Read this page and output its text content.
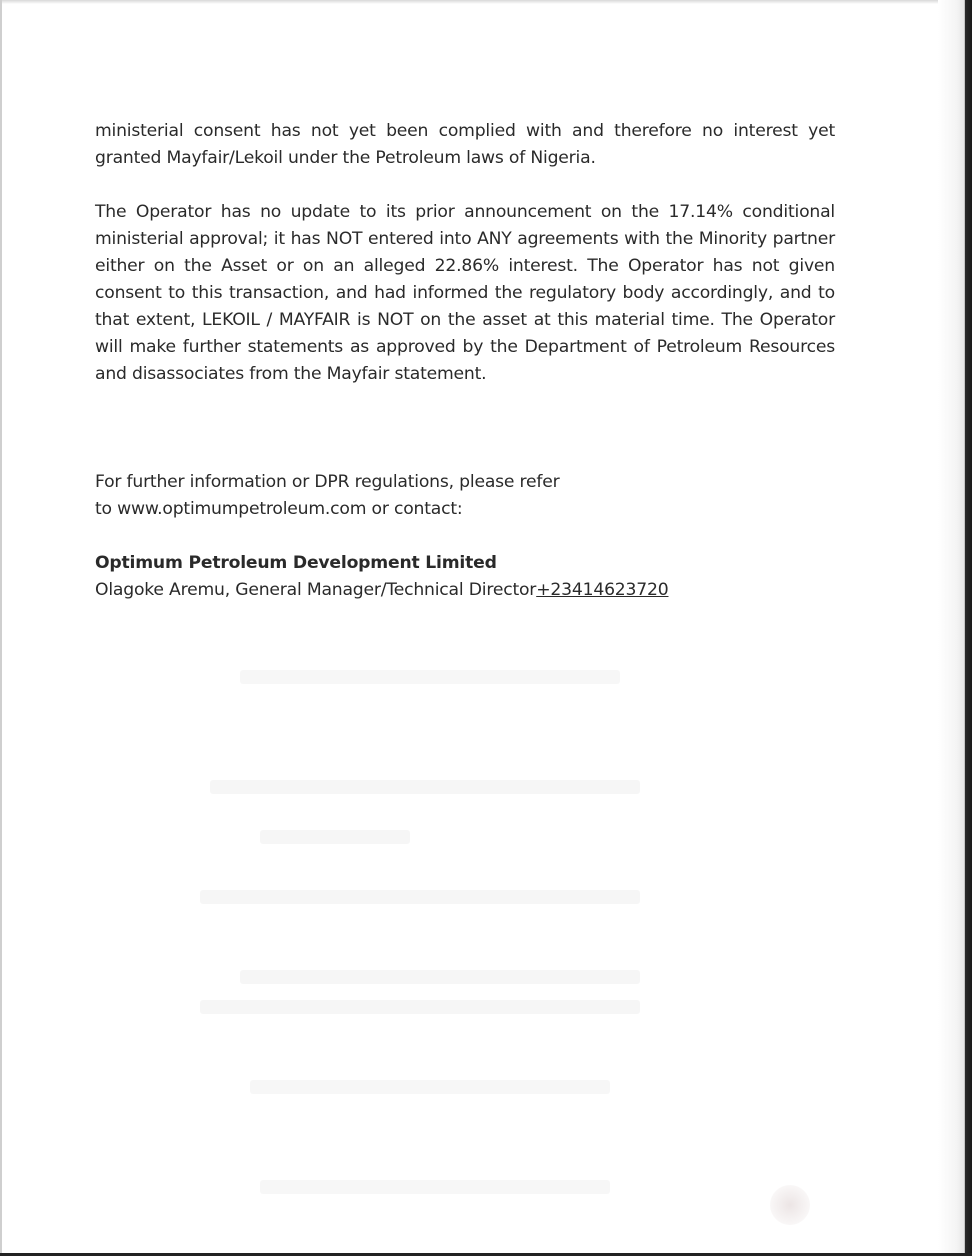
ministerial consent has not yet been complied with and therefore no interest yet granted Mayfair/Lekoil under the Petroleum laws of Nigeria.

The Operator has no update to its prior announcement on the 17.14% conditional ministerial approval; it has NOT entered into ANY agreements with the Minority partner either on the Asset or on an alleged 22.86% interest. The Operator has not given consent to this transaction, and had informed the regulatory body accordingly, and to that extent, LEKOIL / MAYFAIR is NOT on the asset at this material time. The Operator will make further statements as approved by the Department of Petroleum Resources and disassociates from the Mayfair statement.

For further information or DPR regulations, please refer

to www.optimumpetroleum.com or contact:

Optimum Petroleum Development Limited

Olagoke Aremu, General Manager/Technical Director+23414623720
